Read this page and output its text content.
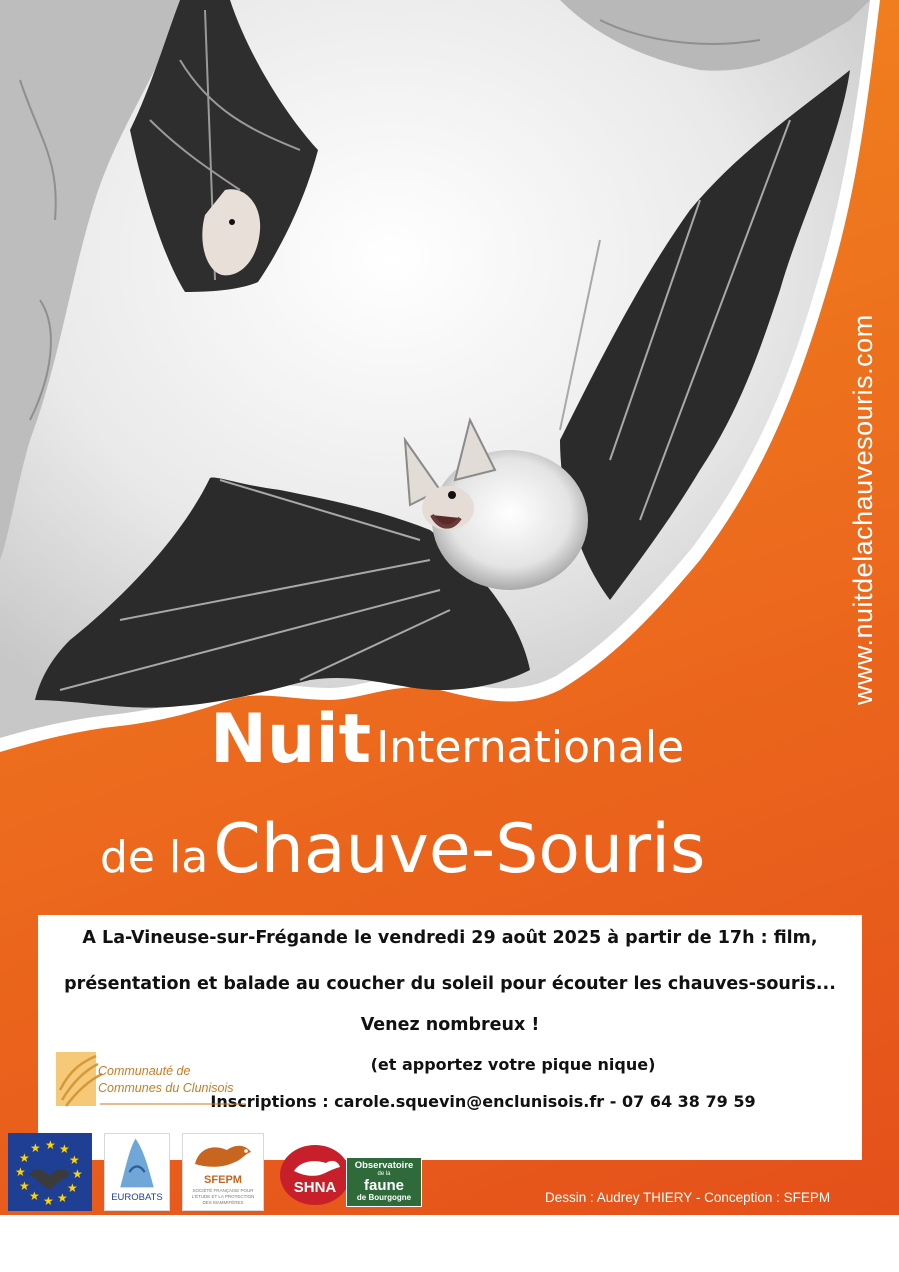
www.nuitdelachauvesouris.com
Nuit Internationale
de la Chauve-Souris
A La-Vineuse-sur-Frégande le vendredi 29 août 2025 à partir de 17h : film,
présentation et balade au coucher du soleil pour écouter les chauves-souris...
Venez nombreux !
(et apportez votre pique nique)
Inscriptions : carole.squevin@enclunisois.fr - 07 64 38 79 59
Communauté de
Communes du Clunisois
★ ★
★
★
★
★
★
★
★
★
★
★
EUROBATS
SFEPM
SOCIÉTÉ FRANÇAISE POUR L'ÉTUDE ET LA PROTECTION DES MAMMIFÈRES
SHNA
Observatoire
de la
faune
de Bourgogne	Dessin : Audrey THIERY - Conception : SFEPM
